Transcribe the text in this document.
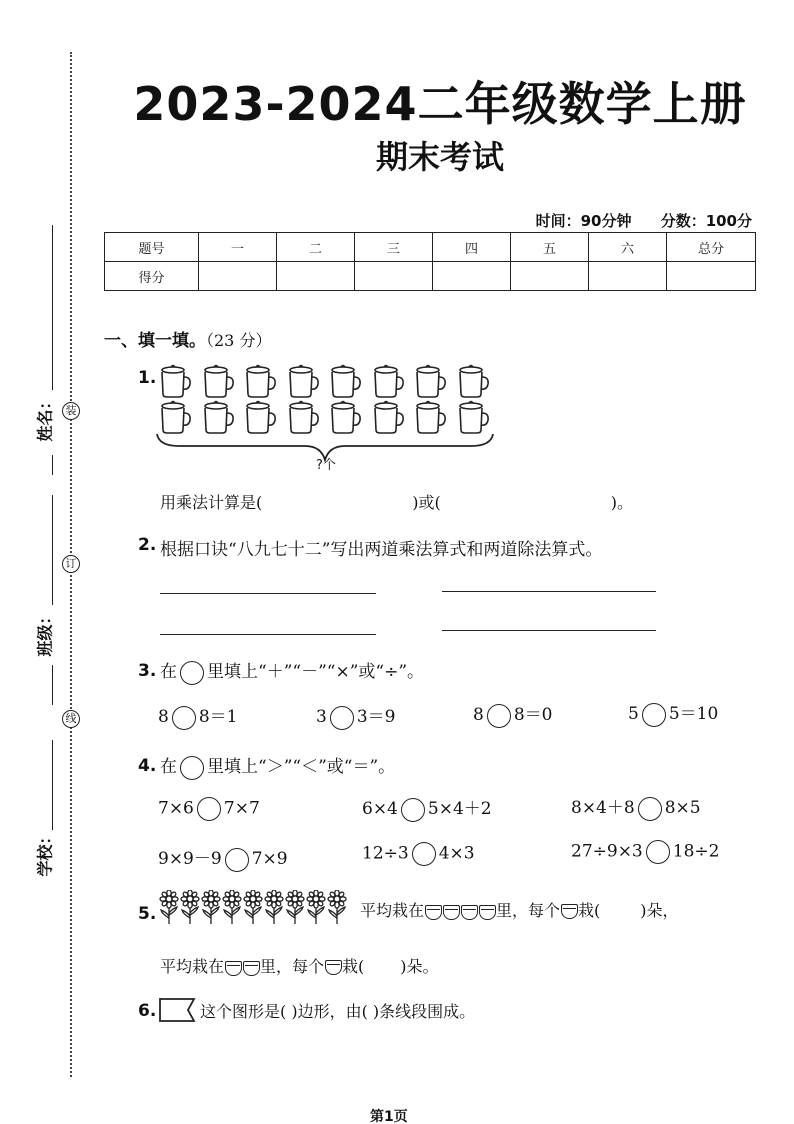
装
订
线
姓名：
班级：
学校：
2023-2024二年级数学上册
期末考试
时间：90分钟 分数：100分
题号	一	二	三	四	五	六	总分
得分							
一、填一填。（23 分）
1.
?个
用乘法计算是(	)或(	)。
2. 根据口诀“八九七十二”写出两道乘法算式和两道除法算式。
3. 在 里填上“＋”“－”“×”或“÷”。
8 8＝1	3 3＝9	8 8＝0	5 5＝10
4. 在 里填上“＞”“＜”或“＝”。
7×6 7×7	6×4 5×4＋2	8×4＋8 8×5
9×9－9 7×9	12÷3 4×3	27÷9×3 18÷2
5.	平均栽在	里，每个 栽(	)朵，
平均栽在 里，每个 栽( )朵。
6.	这个图形是( )边形，由( )条线段围成。
第1页
